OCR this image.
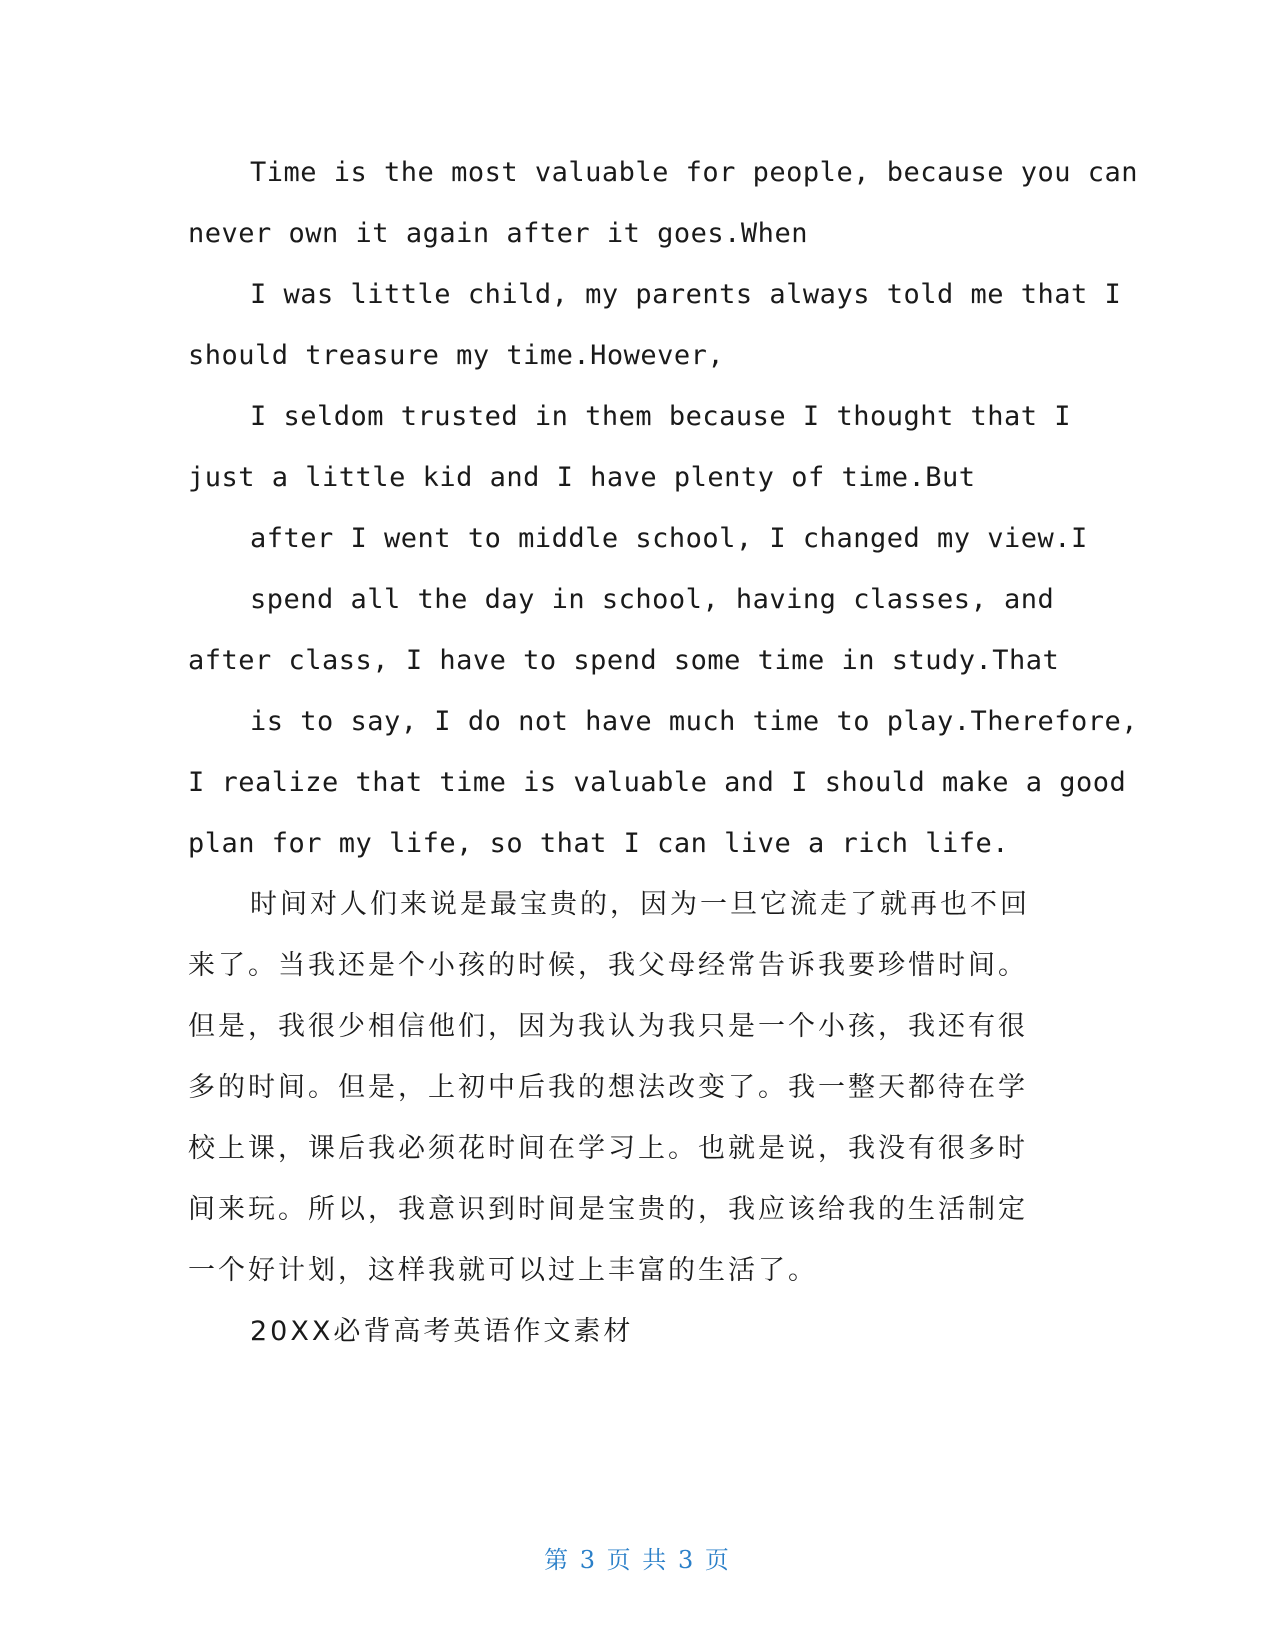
Time is the most valuable for people, because you can
never own it again after it goes.When
I was little child, my parents always told me that I
should treasure my time.However,
I seldom trusted in them because I thought that I
just a little kid and I have plenty of time.But
after I went to middle school, I changed my view.I
spend all the day in school, having classes, and
after class, I have to spend some time in study.That
is to say, I do not have much time to play.Therefore,
I realize that time is valuable and I should make a good
plan for my life, so that I can live a rich life.
时间对人们来说是最宝贵的，因为一旦它流走了就再也不回
来了。当我还是个小孩的时候，我父母经常告诉我要珍惜时间。
但是，我很少相信他们，因为我认为我只是一个小孩，我还有很
多的时间。但是，上初中后我的想法改变了。我一整天都待在学
校上课，课后我必须花时间在学习上。也就是说，我没有很多时
间来玩。所以，我意识到时间是宝贵的，我应该给我的生活制定
一个好计划，这样我就可以过上丰富的生活了。
20XX必背高考英语作文素材
第 3 页 共 3 页
